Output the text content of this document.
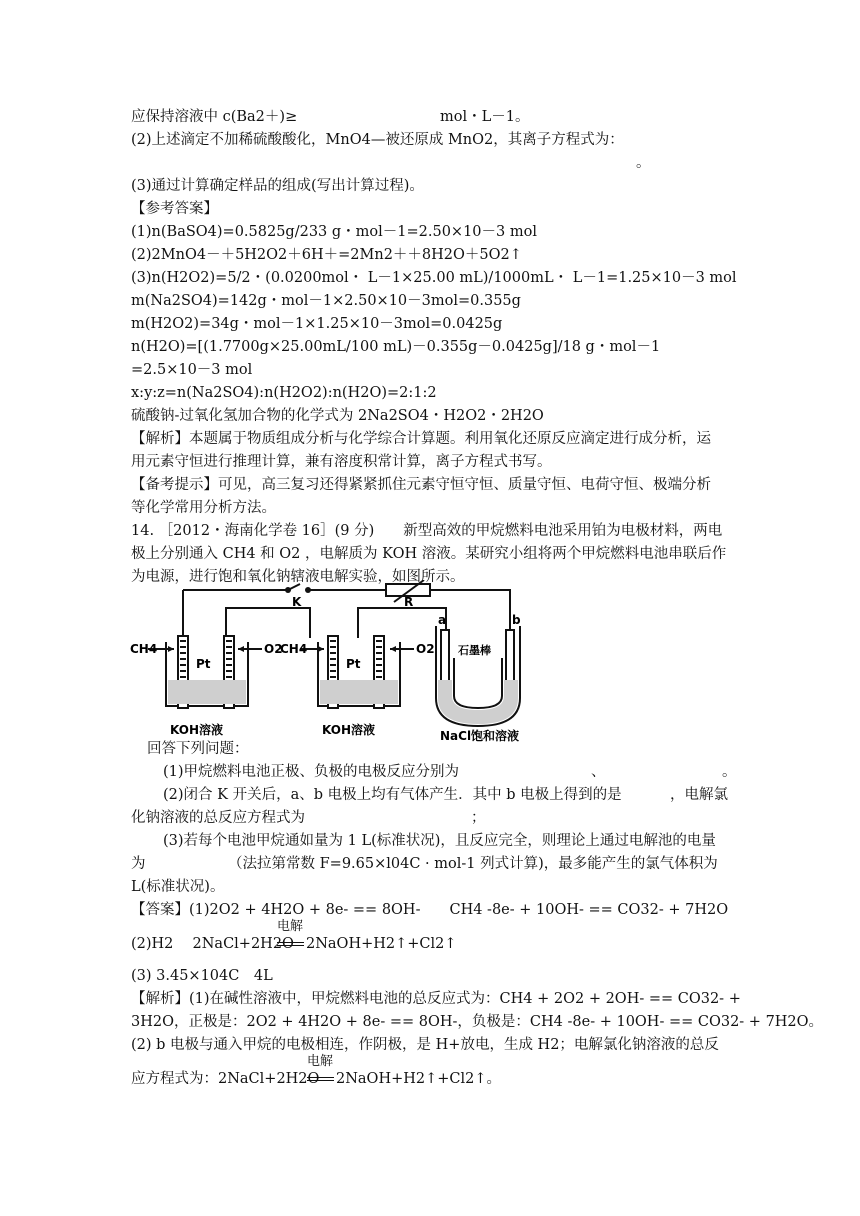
应保持溶液中 c(Ba2＋)≥	mol・L－1。
(2)上述滴定不加稀硫酸酸化，MnO4—被还原成 MnO2，其离子方程式为：
。
(3)通过计算确定样品的组成(写出计算过程)。
【参考答案】
(1)n(BaSO4)=0.5825g/233 g・mol－1=2.50×10－3 mol
(2)2MnO4－＋5H2O2＋6H＋=2Mn2＋＋8H2O＋5O2↑
(3)n(H2O2)=5/2・(0.0200mol・ L－1×25.00 mL)/1000mL・ L－1=1.25×10－3 mol
m(Na2SO4)=142g・mol－1×2.50×10－3mol=0.355g
m(H2O2)=34g・mol－1×1.25×10－3mol=0.0425g
n(H2O)=[(1.7700g×25.00mL/100 mL)－0.355g－0.0425g]/18 g・mol－1
=2.5×10－3 mol
x:y:z=n(Na2SO4):n(H2O2):n(H2O)=2:1:2
硫酸钠-过氧化氢加合物的化学式为 2Na2SO4・H2O2・2H2O
【解析】本题属于物质组成分析与化学综合计算题。利用氧化还原反应滴定进行成分析，运
用元素守恒进行推理计算，兼有溶度积常计算，离子方程式书写。
【备考提示】可见，高三复习还得紧紧抓住元素守恒守恒、质量守恒、电荷守恒、极端分析
等化学常用分析方法。
14. ［2012・海南化学卷 16］(9 分)　　新型高效的甲烷燃料电池采用铂为电极材料，两电
极上分别通入 CH4 和 O2 ，电解质为 KOH 溶液。某研究小组将两个甲烷燃料电池串联后作
为电源，进行饱和氧化钠辖液电解实验，如图所示。
CH4	O2
Pt
KOH溶液
CH4	O2
Pt
KOH溶液
K	R
a	b
石墨棒
NaCl饱和溶液
回答下列问题：
(1)甲烷燃料电池正极、负极的电极反应分别为	、	。
(2)闭合 K 开关后，a、b 电极上均有气体产生．其中 b 电极上得到的是	，电解氯
化钠溶液的总反应方程式为	；
(3)若每个电池甲烷通如量为 1 L(标准状况)，且反应完全，则理论上通过电解池的电量
为	（法拉第常数 F=9.65×l04C · mol-1 列式计算)，最多能产生的氯气体积为
L(标准状况)。
【答案】(1)2O2 + 4H2O + 8e- == 8OH-　　CH4 -8e- + 10OH- == CO32- + 7H2O
(2)H2　 2NaCl+2H2O
电解
2NaOH+H2↑+Cl2↑
(3) 3.45×104C　4L
【解析】(1)在碱性溶液中，甲烷燃料电池的总反应式为：CH4 + 2O2 + 2OH- == CO32- +
3H2O，正极是：2O2 + 4H2O + 8e- == 8OH-，负极是：CH4 -8e- + 10OH- == CO32- + 7H2O。
(2) b 电极与通入甲烷的电极相连，作阴极，是 H+放电，生成 H2；电解氯化钠溶液的总反
应方程式为：2NaCl+2H2O
电解
2NaOH+H2↑+Cl2↑。
